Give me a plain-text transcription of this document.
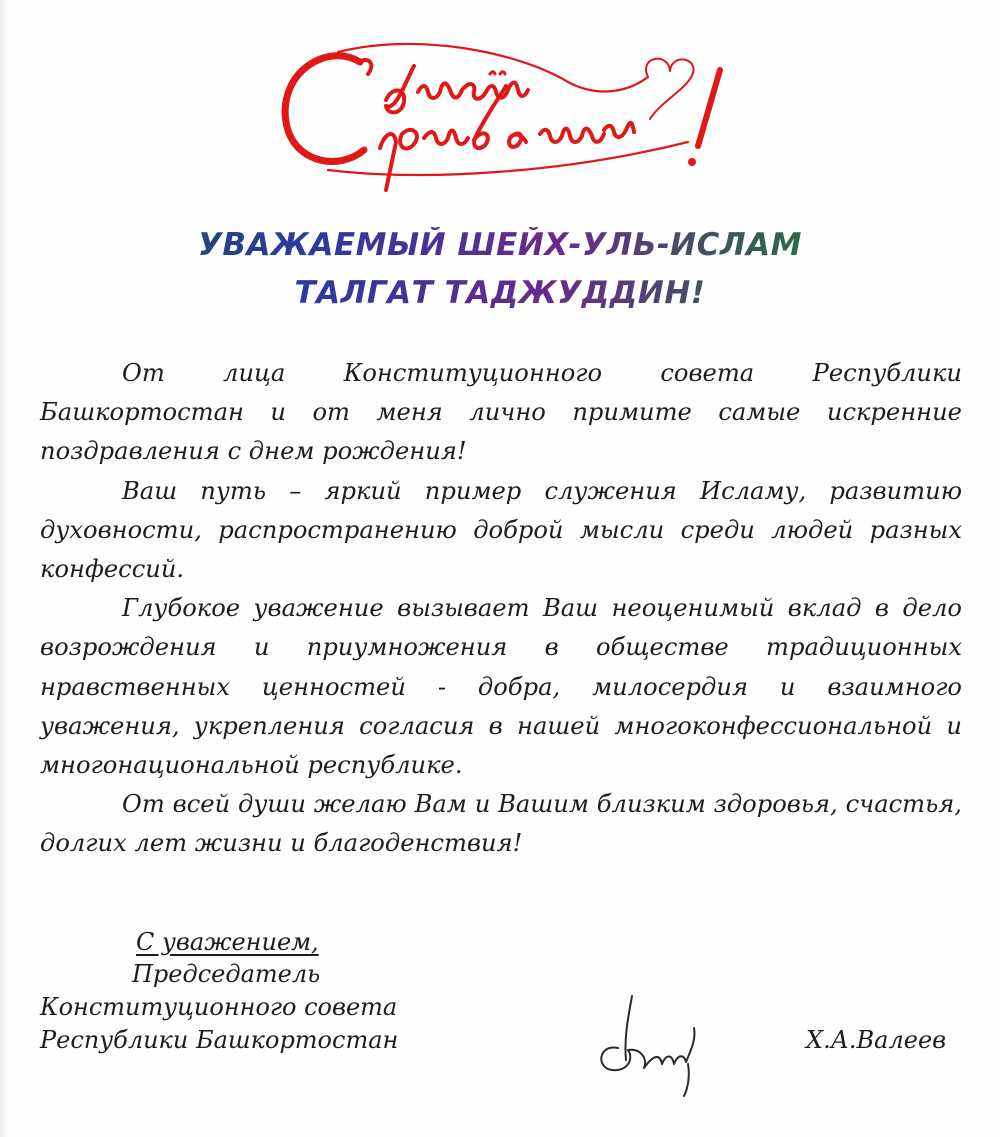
УВАЖАЕМЫЙ ШЕЙХ-УЛЬ-ИСЛАМ
ТАЛГАТ ТАДЖУДДИН!

От лица Конституционного совета Республики Башкортостан и от меня лично примите самые искренние поздравления с днем рождения!

Ваш путь – яркий пример служения Исламу, развитию духовности, распространению доброй мысли среди людей разных конфессий.

Глубокое уважение вызывает Ваш неоценимый вклад в дело возрождения и приумножения в обществе традиционных нравственных ценностей - добра, милосердия и взаимного уважения, укрепления согласия в нашей многоконфессиональной и многонациональной республике.

От всей души желаю Вам и Вашим близким здоровья, счастья, долгих лет жизни и благоденствия!

С уважением,
Председатель
Конституционного совета
Республики Башкортостан	Х.А.Валеев
